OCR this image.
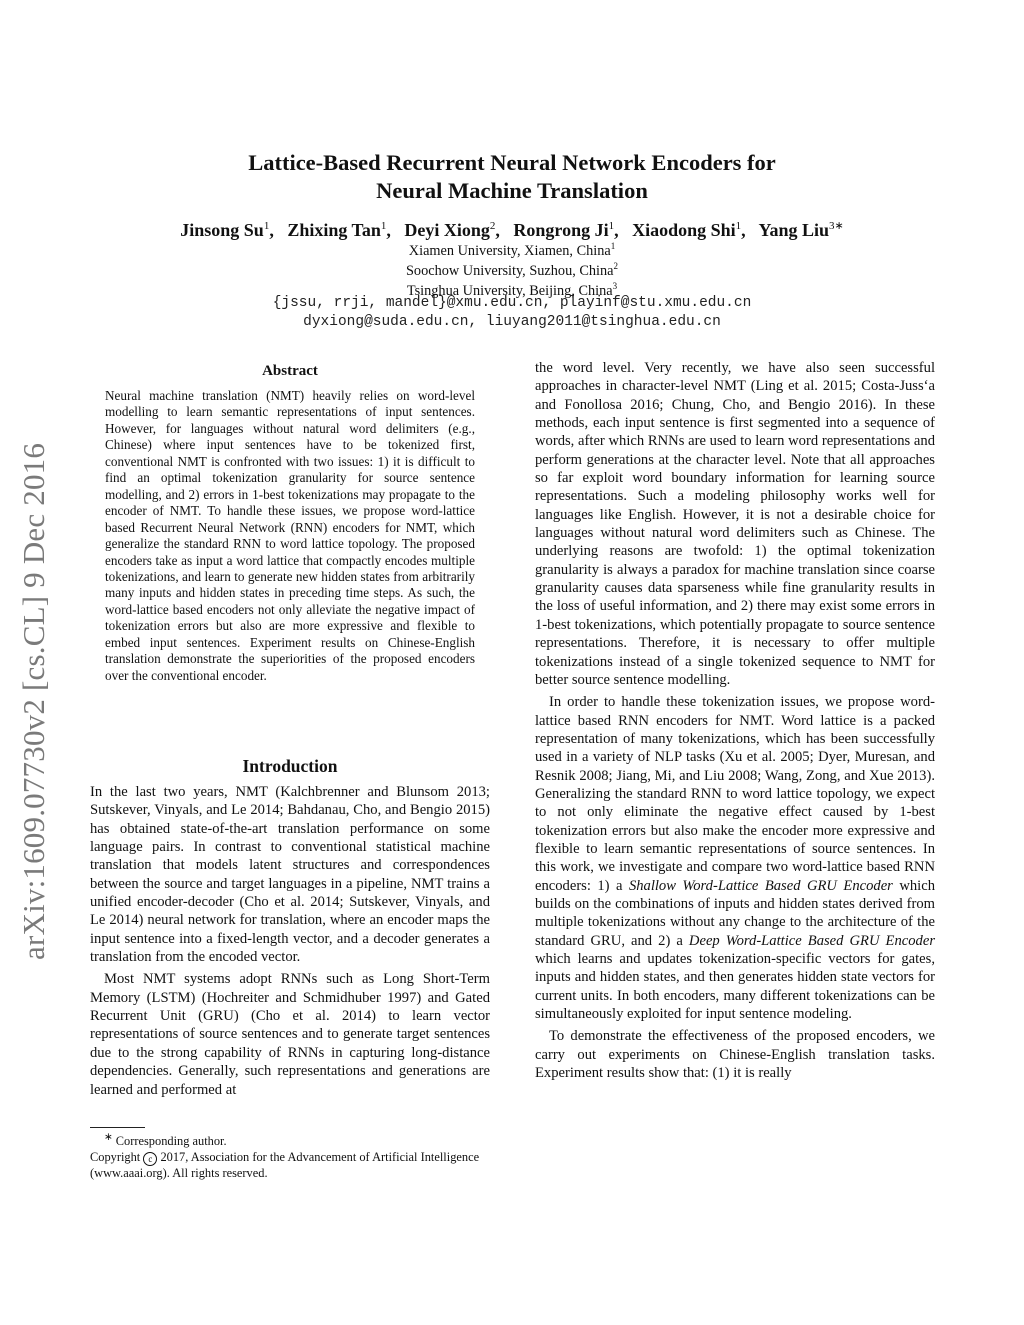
arXiv:1609.07730v2 [cs.CL] 9 Dec 2016
Lattice-Based Recurrent Neural Network Encoders for
Neural Machine Translation
Jinsong Su$^1$,   Zhixing Tan$^1$,   Deyi Xiong$^2$,   Rongrong Ji$^1$,   Xiaodong Shi$^1$,   Yang Liu$^{3∗}$
Xiamen University, Xiamen, China$^1$
Soochow University, Suzhou, China$^2$
Tsinghua University, Beijing, China$^3$
{jssu, rrji, mandel}@xmu.edu.cn, playinf@stu.xmu.edu.cn
dyxiong@suda.edu.cn, liuyang2011@tsinghua.edu.cn
Abstract

Neural machine translation (NMT) heavily relies on word-level modelling to learn semantic representations of input sentences. However, for languages without natural word delimiters (e.g., Chinese) where input sentences have to be tokenized first, conventional NMT is confronted with two issues: 1) it is difficult to find an optimal tokenization granularity for source sentence modelling, and 2) errors in 1-best tokenizations may propagate to the encoder of NMT. To handle these issues, we propose word-lattice based Recurrent Neural Network (RNN) encoders for NMT, which generalize the standard RNN to word lattice topology. The proposed encoders take as input a word lattice that compactly encodes multiple tokenizations, and learn to generate new hidden states from arbitrarily many inputs and hidden states in preceding time steps. As such, the word-lattice based encoders not only alleviate the negative impact of tokenization errors but also are more expressive and flexible to embed input sentences. Experiment results on Chinese-English translation demonstrate the superiorities of the proposed encoders over the conventional encoder.

Introduction

In the last two years, NMT (Kalchbrenner and Blunsom 2013; Sutskever, Vinyals, and Le 2014; Bahdanau, Cho, and Bengio 2015) has obtained state-of-the-art translation performance on some language pairs. In contrast to conventional statistical machine translation that models latent structures and correspondences between the source and target languages in a pipeline, NMT trains a unified encoder-decoder (Cho et al. 2014; Sutskever, Vinyals, and Le 2014) neural network for translation, where an encoder maps the input sentence into a fixed-length vector, and a decoder generates a translation from the encoded vector.

Most NMT systems adopt RNNs such as Long Short-Term Memory (LSTM) (Hochreiter and Schmidhuber 1997) and Gated Recurrent Unit (GRU) (Cho et al. 2014) to learn vector representations of source sentences and to generate target sentences due to the strong capability of RNNs in capturing long-distance dependencies. Generally, such representations and generations are learned and performed at

∗ Corresponding author.
Copyright c 2017, Association for the Advancement of Artificial Intelligence (www.aaai.org). All rights reserved.

the word level. Very recently, we have also seen successful approaches in character-level NMT (Ling et al. 2015; Costa-Juss‘a and Fonollosa 2016; Chung, Cho, and Bengio 2016). In these methods, each input sentence is first segmented into a sequence of words, after which RNNs are used to learn word representations and perform generations at the character level. Note that all approaches so far exploit word boundary information for learning source representations. Such a modeling philosophy works well for languages like English. However, it is not a desirable choice for languages without natural word delimiters such as Chinese. The underlying reasons are twofold: 1) the optimal tokenization granularity is always a paradox for machine translation since coarse granularity causes data sparseness while fine granularity results in the loss of useful information, and 2) there may exist some errors in 1-best tokenizations, which potentially propagate to source sentence representations. Therefore, it is necessary to offer multiple tokenizations instead of a single tokenized sequence to NMT for better source sentence modelling.

In order to handle these tokenization issues, we propose word-lattice based RNN encoders for NMT. Word lattice is a packed representation of many tokenizations, which has been successfully used in a variety of NLP tasks (Xu et al. 2005; Dyer, Muresan, and Resnik 2008; Jiang, Mi, and Liu 2008; Wang, Zong, and Xue 2013). Generalizing the standard RNN to word lattice topology, we expect to not only eliminate the negative effect caused by 1-best tokenization errors but also make the encoder more expressive and flexible to learn semantic representations of source sentences. In this work, we investigate and compare two word-lattice based RNN encoders: 1) a Shallow Word-Lattice Based GRU Encoder which builds on the combinations of inputs and hidden states derived from multiple tokenizations without any change to the architecture of the standard GRU, and 2) a Deep Word-Lattice Based GRU Encoder which learns and updates tokenization-specific vectors for gates, inputs and hidden states, and then generates hidden state vectors for current units. In both encoders, many different tokenizations can be simultaneously exploited for input sentence modeling.

To demonstrate the effectiveness of the proposed encoders, we carry out experiments on Chinese-English translation tasks. Experiment results show that: (1) it is really
